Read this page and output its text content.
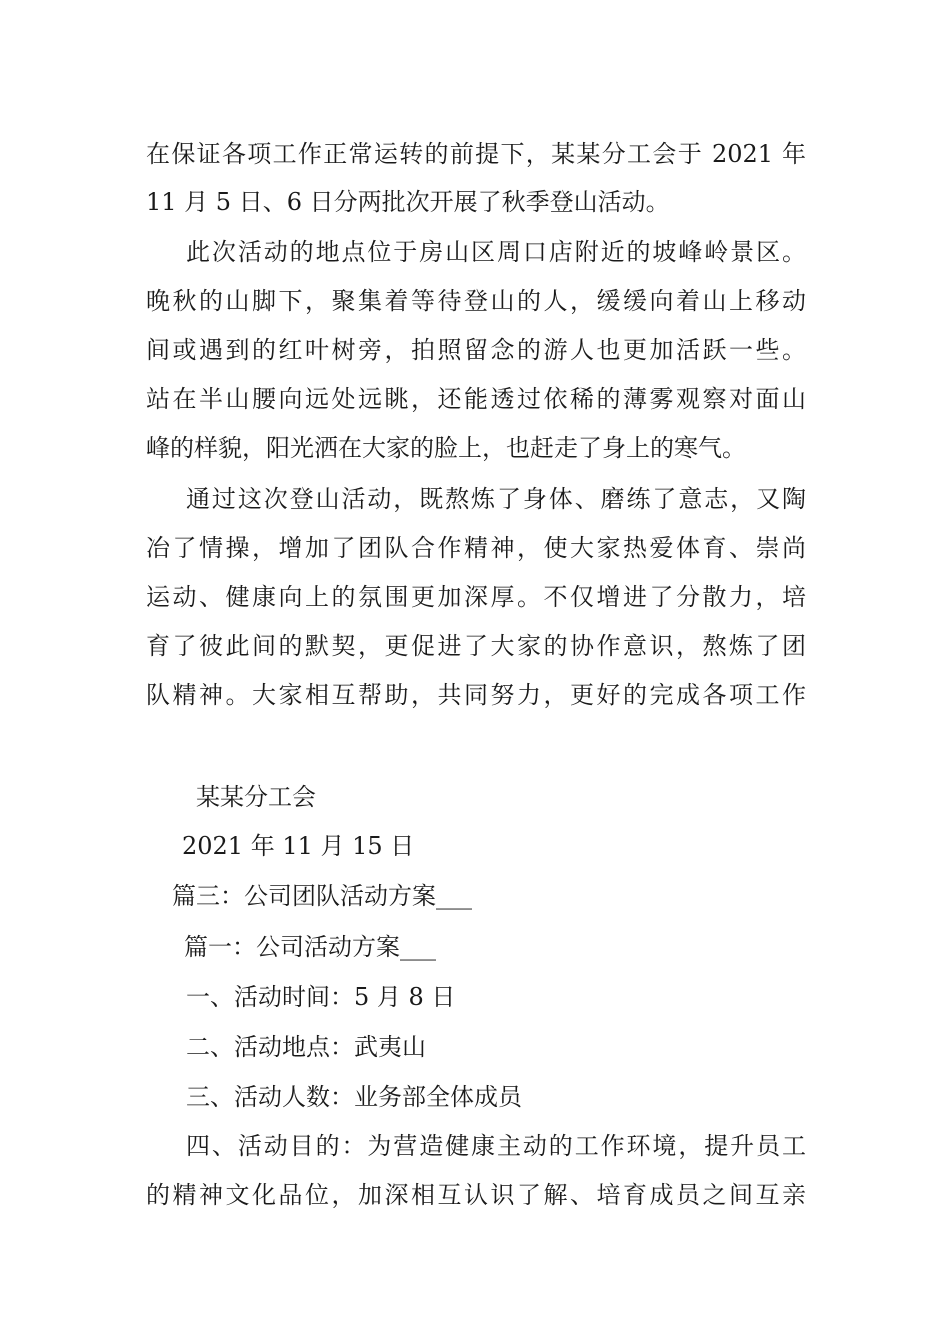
在保证各项工作正常运转的前提下，某某分工会于 2021 年
11 月 5 日、6 日分两批次开展了秋季登山活动。
此次活动的地点位于房山区周口店附近的坡峰岭景区。
晚秋的山脚下，聚集着等待登山的人，缓缓向着山上移动
间或遇到的红叶树旁，拍照留念的游人也更加活跃一些。
站在半山腰向远处远眺，还能透过依稀的薄雾观察对面山
峰的样貌，阳光洒在大家的脸上，也赶走了身上的寒气。
通过这次登山活动，既熬炼了身体、磨练了意志，又陶
冶了情操，增加了团队合作精神，使大家热爱体育、崇尚
运动、健康向上的氛围更加深厚。不仅增进了分散力，培
育了彼此间的默契，更促进了大家的协作意识，熬炼了团
队精神。大家相互帮助，共同努力，更好的完成各项工作
某某分工会
2021 年 11 月 15 日
篇三：公司团队活动方案___
篇一：公司活动方案___
一、活动时间：5 月 8 日
二、活动地点：武夷山
三、活动人数：业务部全体成员
四、活动目的：为营造健康主动的工作环境，提升员工
的精神文化品位，加深相互认识了解、培育成员之间互亲
